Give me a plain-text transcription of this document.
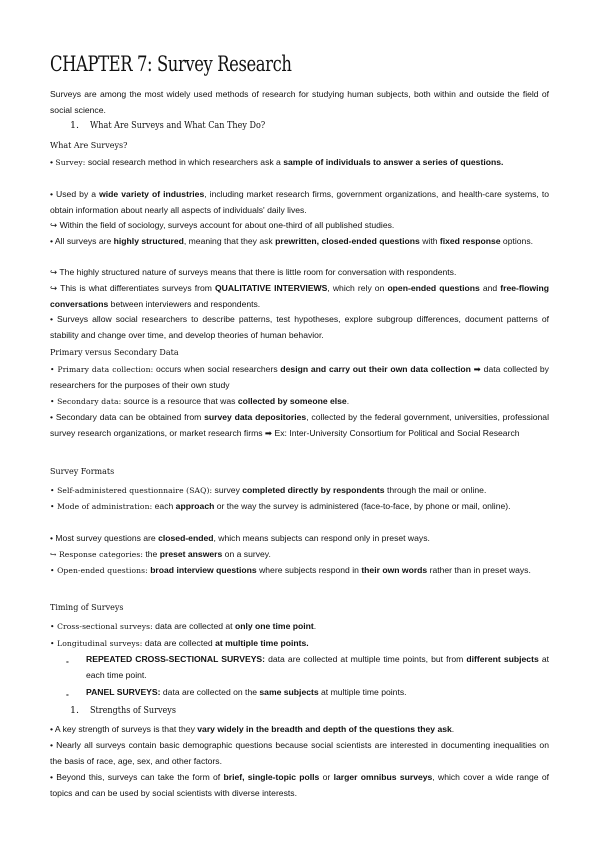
CHAPTER 7: Survey Research
Surveys are among the most widely used methods of research for studying human subjects, both within and outside the field of social science.
1. What Are Surveys and What Can They Do?
What Are Surveys?
• Survey: social research method in which researchers ask a sample of individuals to answer a series of questions.
• Used by a wide variety of industries, including market research firms, government organizations, and health-care systems, to obtain information about nearly all aspects of individuals' daily lives.
↪ Within the field of sociology, surveys account for about one-third of all published studies.
• All surveys are highly structured, meaning that they ask prewritten, closed-ended questions with fixed response options.
↪ The highly structured nature of surveys means that there is little room for conversation with respondents.
↪ This is what differentiates surveys from QUALITATIVE INTERVIEWS, which rely on open-ended questions and free-flowing conversations between interviewers and respondents.
• Surveys allow social researchers to describe patterns, test hypotheses, explore subgroup differences, document patterns of stability and change over time, and develop theories of human behavior.
Primary versus Secondary Data
• Primary data collection: occurs when social researchers design and carry out their own data collection ➡ data collected by researchers for the purposes of their own study
• Secondary data: source is a resource that was collected by someone else.
• Secondary data can be obtained from survey data depositories, collected by the federal government, universities, professional survey research organizations, or market research firms ➡ Ex: Inter-University Consortium for Political and Social Research
Survey Formats
• Self-administered questionnaire (SAQ): survey completed directly by respondents through the mail or online.
• Mode of administration: each approach or the way the survey is administered (face-to-face, by phone or mail, online).
• Most survey questions are closed-ended, which means subjects can respond only in preset ways.
↪ Response categories: the preset answers on a survey.
• Open-ended questions: broad interview questions where subjects respond in their own words rather than in preset ways.
Timing of Surveys
• Cross-sectional surveys: data are collected at only one time point.
• Longitudinal surveys: data are collected at multiple time points.
- REPEATED CROSS-SECTIONAL SURVEYS: data are collected at multiple time points, but from different subjects at each time point.
- PANEL SURVEYS: data are collected on the same subjects at multiple time points.
1. Strengths of Surveys
• A key strength of surveys is that they vary widely in the breadth and depth of the questions they ask.
• Nearly all surveys contain basic demographic questions because social scientists are interested in documenting inequalities on the basis of race, age, sex, and other factors.
• Beyond this, surveys can take the form of brief, single-topic polls or larger omnibus surveys, which cover a wide range of topics and can be used by social scientists with diverse interests.
